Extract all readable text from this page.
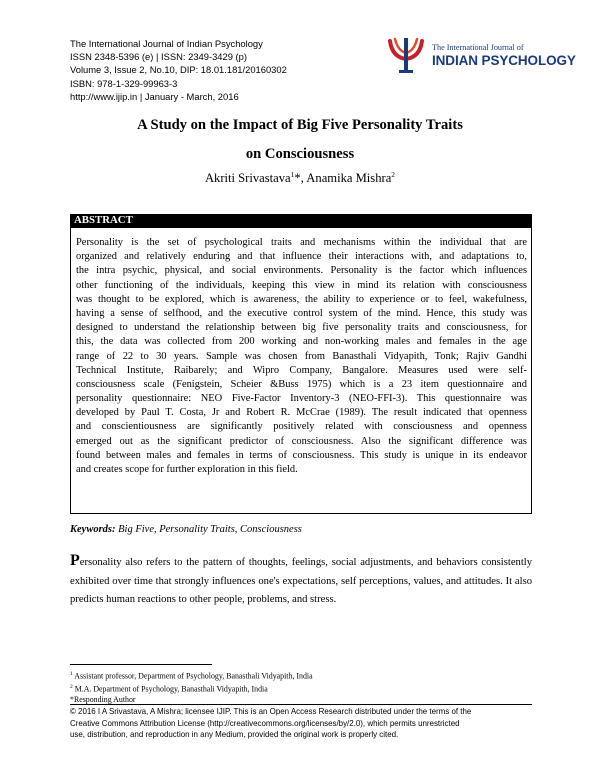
The International Journal of Indian Psychology
ISSN 2348-5396 (e) | ISSN: 2349-3429 (p)
Volume 3, Issue 2, No.10, DIP: 18.01.181/20160302
ISBN: 978-1-329-99963-3
http://www.ijip.in | January - March, 2016
The International Journal of
INDIAN PSYCHOLOGY
A Study on the Impact of Big Five Personality Traits
on Consciousness
Akriti Srivastava$^1$*, Anamika Mishra$^2$
ABSTRACT
Personality is the set of psychological traits and mechanisms within the individual that are
organized and relatively enduring and that influence their interactions with, and adaptations to,
the intra psychic, physical, and social environments. Personality is the factor which influences
other functioning of the individuals, keeping this view in mind its relation with consciousness
was thought to be explored, which is awareness, the ability to experience or to feel, wakefulness,
having a sense of selfhood, and the executive control system of the mind. Hence, this study was
designed to understand the relationship between big five personality traits and consciousness, for
this, the data was collected from 200 working and non-working males and females in the age
range of 22 to 30 years. Sample was chosen from Banasthali Vidyapith, Tonk; Rajiv Gandhi
Technical Institute, Raibarely; and Wipro Company, Bangalore. Measures used were self-
consciousness scale (Fenigstein, Scheier &Buss 1975) which is a 23 item questionnaire and
personality questionnaire: NEO Five-Factor Inventory-3 (NEO-FFI-3). This questionnaire was
developed by Paul T. Costa, Jr and Robert R. McCrae (1989). The result indicated that openness
and conscientiousness are significantly positively related with consciousness and openness
emerged out as the significant predictor of consciousness. Also the significant difference was
found between males and females in terms of consciousness. This study is unique in its endeavor
and creates scope for further exploration in this field.
Keywords: Big Five, Personality Traits, Consciousness
Personality also refers to the pattern of thoughts, feelings, social adjustments, and behaviors consistently exhibited over time that strongly influences one's expectations, self perceptions, values, and attitudes. It also predicts human reactions to other people, problems, and stress.
$^1$ Assistant professor, Department of Psychology, Banasthali Vidyapith, India
$^2$ M.A. Department of Psychology, Banasthali Vidyapith, India
*Responding Author
© 2016 I A Srivastava, A Mishra; licensee IJIP. This is an Open Access Research distributed under the terms of the
Creative Commons Attribution License (http://creativecommons.org/licenses/by/2.0), which permits unrestricted
use, distribution, and reproduction in any Medium, provided the original work is properly cited.
